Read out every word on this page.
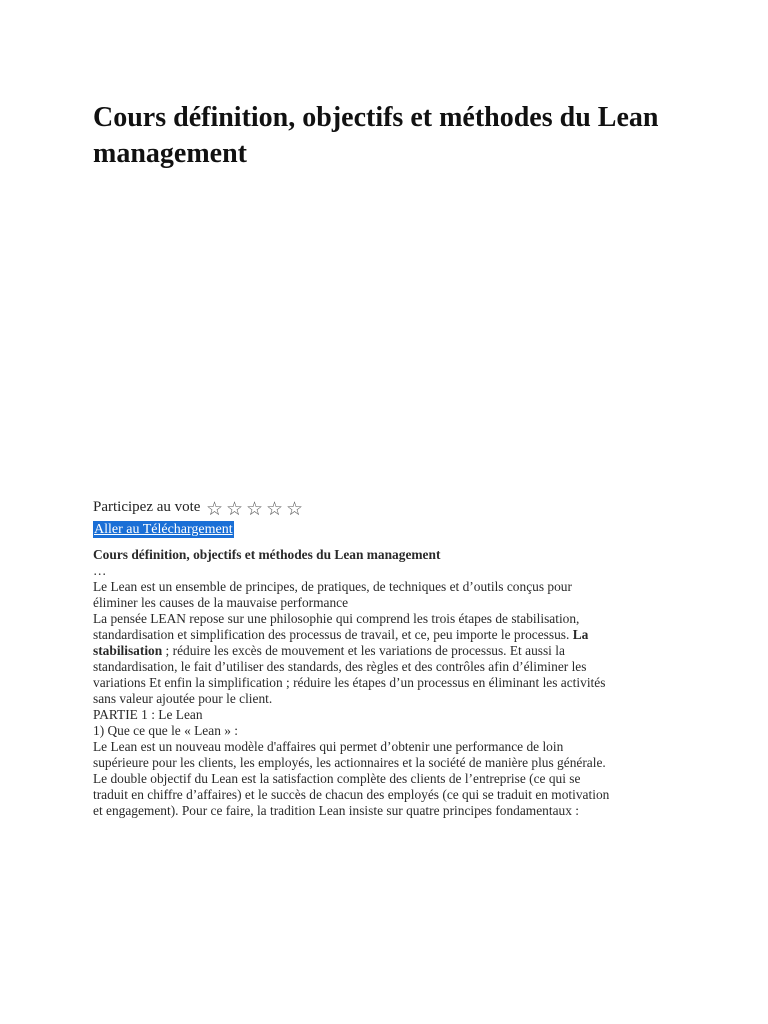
Cours définition, objectifs et méthodes du Lean management
Participez au vote ☆ ☆ ☆ ☆ ☆
Aller au Téléchargement
Cours définition, objectifs et méthodes du Lean management
…
Le Lean est un ensemble de principes, de pratiques, de techniques et d’outils conçus pour
éliminer les causes de la mauvaise performance
La pensée LEAN repose sur une philosophie qui comprend les trois étapes de stabilisation,
standardisation et simplification des processus de travail, et ce, peu importe le processus. La
stabilisation ; réduire les excès de mouvement et les variations de processus. Et aussi la
standardisation, le fait d’utiliser des standards, des règles et des contrôles afin d’éliminer les
variations Et enfin la simplification ; réduire les étapes d’un processus en éliminant les activités
sans valeur ajoutée pour le client.
PARTIE 1 : Le Lean
1) Que ce que le « Lean » :
Le Lean est un nouveau modèle d'affaires qui permet d’obtenir une performance de loin
supérieure pour les clients, les employés, les actionnaires et la société de manière plus générale.
Le double objectif du Lean est la satisfaction complète des clients de l’entreprise (ce qui se
traduit en chiffre d’affaires) et le succès de chacun des employés (ce qui se traduit en motivation
et engagement). Pour ce faire, la tradition Lean insiste sur quatre principes fondamentaux :
